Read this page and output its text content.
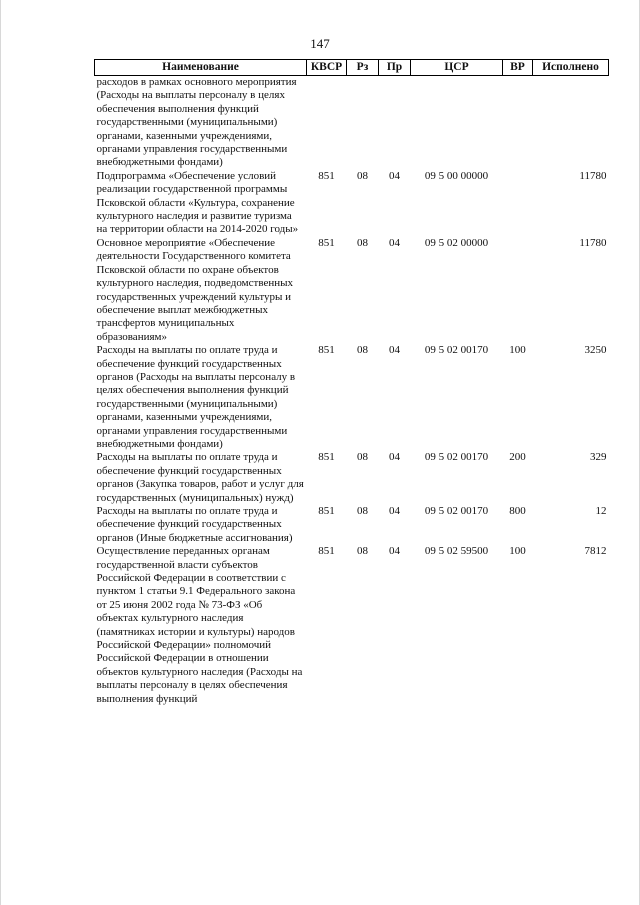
147
Наименование	КВСР	Рз	Пр	ЦСР	ВР	Исполнено
расходов в рамках основного мероприятия (Расходы на выплаты персоналу в целях обеспечения выполнения функций государственными (муниципальными) органами, казенными учреждениями, органами управления государственными внебюджетными фондами)						
Подпрограмма «Обеспечение условий реализации государственной программы Псковской области «Культура, сохранение культурного наследия и развитие туризма на территории области на 2014-2020 годы»	851	08	04	09 5 00 00000		11780
Основное мероприятие «Обеспечение деятельности Государственного комитета Псковской области по охране объектов культурного наследия, подведомственных государственных учреждений культуры и обеспечение выплат межбюджетных трансфертов муниципальных образованиям»	851	08	04	09 5 02 00000		11780
Расходы на выплаты по оплате труда и обеспечение функций государственных органов (Расходы на выплаты персоналу в целях обеспечения выполнения функций государственными (муниципальными) органами, казенными учреждениями, органами управления государственными внебюджетными фондами)	851	08	04	09 5 02 00170	100	3250
Расходы на выплаты по оплате труда и обеспечение функций государственных органов (Закупка товаров, работ и услуг для государственных (муниципальных) нужд)	851	08	04	09 5 02 00170	200	329
Расходы на выплаты по оплате труда и обеспечение функций государственных органов (Иные бюджетные ассигнования)	851	08	04	09 5 02 00170	800	12
Осуществление переданных органам государственной власти субъектов Российской Федерации в соответствии с пунктом 1 статьи 9.1 Федерального закона от 25 июня 2002 года № 73-ФЗ «Об объектах культурного наследия (памятниках истории и культуры) народов Российской Федерации» полномочий Российской Федерации в отношении объектов культурного наследия (Расходы на выплаты персоналу в целях обеспечения выполнения функций	851	08	04	09 5 02 59500	100	7812
